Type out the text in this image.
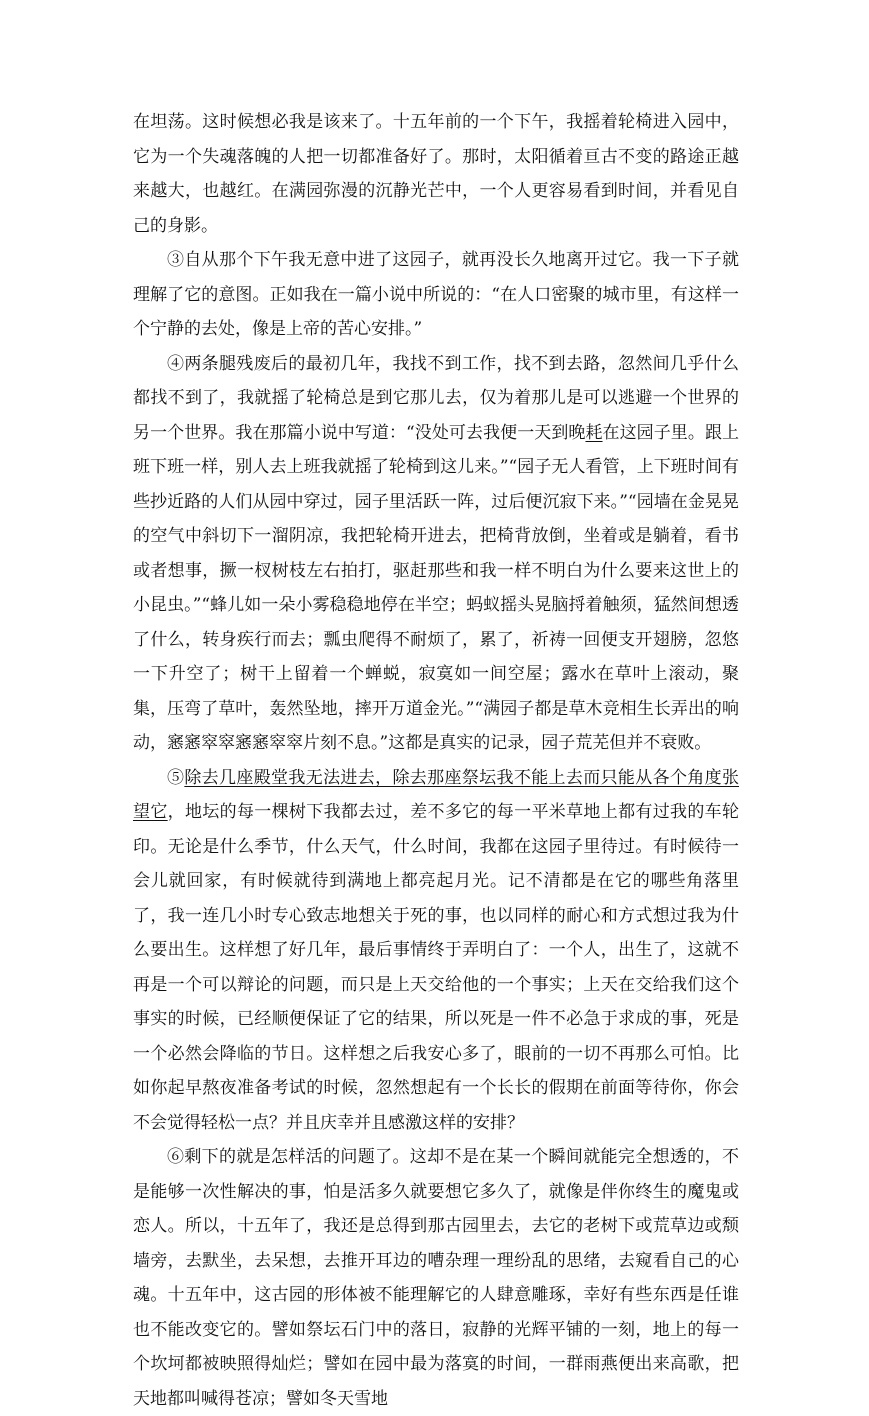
在坦荡。这时候想必我是该来了。十五年前的一个下午，我摇着轮椅进入园中，它为一个失魂落魄的人把一切都准备好了。那时，太阳循着亘古不变的路途正越来越大，也越红。在满园弥漫的沉静光芒中，一个人更容易看到时间，并看见自己的身影。

③自从那个下午我无意中进了这园子，就再没长久地离开过它。我一下子就理解了它的意图。正如我在一篇小说中所说的：“在人口密聚的城市里，有这样一个宁静的去处，像是上帝的苦心安排。”

④两条腿残废后的最初几年，我找不到工作，找不到去路，忽然间几乎什么都找不到了，我就摇了轮椅总是到它那儿去，仅为着那儿是可以逃避一个世界的另一个世界。我在那篇小说中写道：“没处可去我便一天到晚耗在这园子里。跟上班下班一样，别人去上班我就摇了轮椅到这儿来。”“园子无人看管，上下班时间有些抄近路的人们从园中穿过，园子里活跃一阵，过后便沉寂下来。”“园墙在金晃晃的空气中斜切下一溜阴凉，我把轮椅开进去，把椅背放倒，坐着或是躺着，看书或者想事，撅一杈树枝左右拍打，驱赶那些和我一样不明白为什么要来这世上的小昆虫。”“蜂儿如一朵小雾稳稳地停在半空；蚂蚁摇头晃脑捋着触须，猛然间想透了什么，转身疾行而去；瓢虫爬得不耐烦了，累了，祈祷一回便支开翅膀，忽悠一下升空了；树干上留着一个蝉蜕，寂寞如一间空屋；露水在草叶上滚动，聚集，压弯了草叶，轰然坠地，摔开万道金光。”“满园子都是草木竞相生长弄出的响动，窸窸窣窣窸窸窣窣片刻不息。”这都是真实的记录，园子荒芜但并不衰败。

⑤除去几座殿堂我无法进去，除去那座祭坛我不能上去而只能从各个角度张望它，地坛的每一棵树下我都去过，差不多它的每一平米草地上都有过我的车轮印。无论是什么季节，什么天气，什么时间，我都在这园子里待过。有时候待一会儿就回家，有时候就待到满地上都亮起月光。记不清都是在它的哪些角落里了，我一连几小时专心致志地想关于死的事，也以同样的耐心和方式想过我为什么要出生。这样想了好几年，最后事情终于弄明白了：一个人，出生了，这就不再是一个可以辩论的问题，而只是上天交给他的一个事实；上天在交给我们这个事实的时候，已经顺便保证了它的结果，所以死是一件不必急于求成的事，死是一个必然会降临的节日。这样想之后我安心多了，眼前的一切不再那么可怕。比如你起早熬夜准备考试的时候，忽然想起有一个长长的假期在前面等待你，你会不会觉得轻松一点？并且庆幸并且感激这样的安排？

⑥剩下的就是怎样活的问题了。这却不是在某一个瞬间就能完全想透的，不是能够一次性解决的事，怕是活多久就要想它多久了，就像是伴你终生的魔鬼或恋人。所以，十五年了，我还是总得到那古园里去，去它的老树下或荒草边或颓墙旁，去默坐，去呆想，去推开耳边的嘈杂理一理纷乱的思绪，去窥看自己的心魂。十五年中，这古园的形体被不能理解它的人肆意雕琢，幸好有些东西是任谁也不能改变它的。譬如祭坛石门中的落日，寂静的光辉平铺的一刻，地上的每一个坎坷都被映照得灿烂；譬如在园中最为落寞的时间，一群雨燕便出来高歌，把天地都叫喊得苍凉；譬如冬天雪地
